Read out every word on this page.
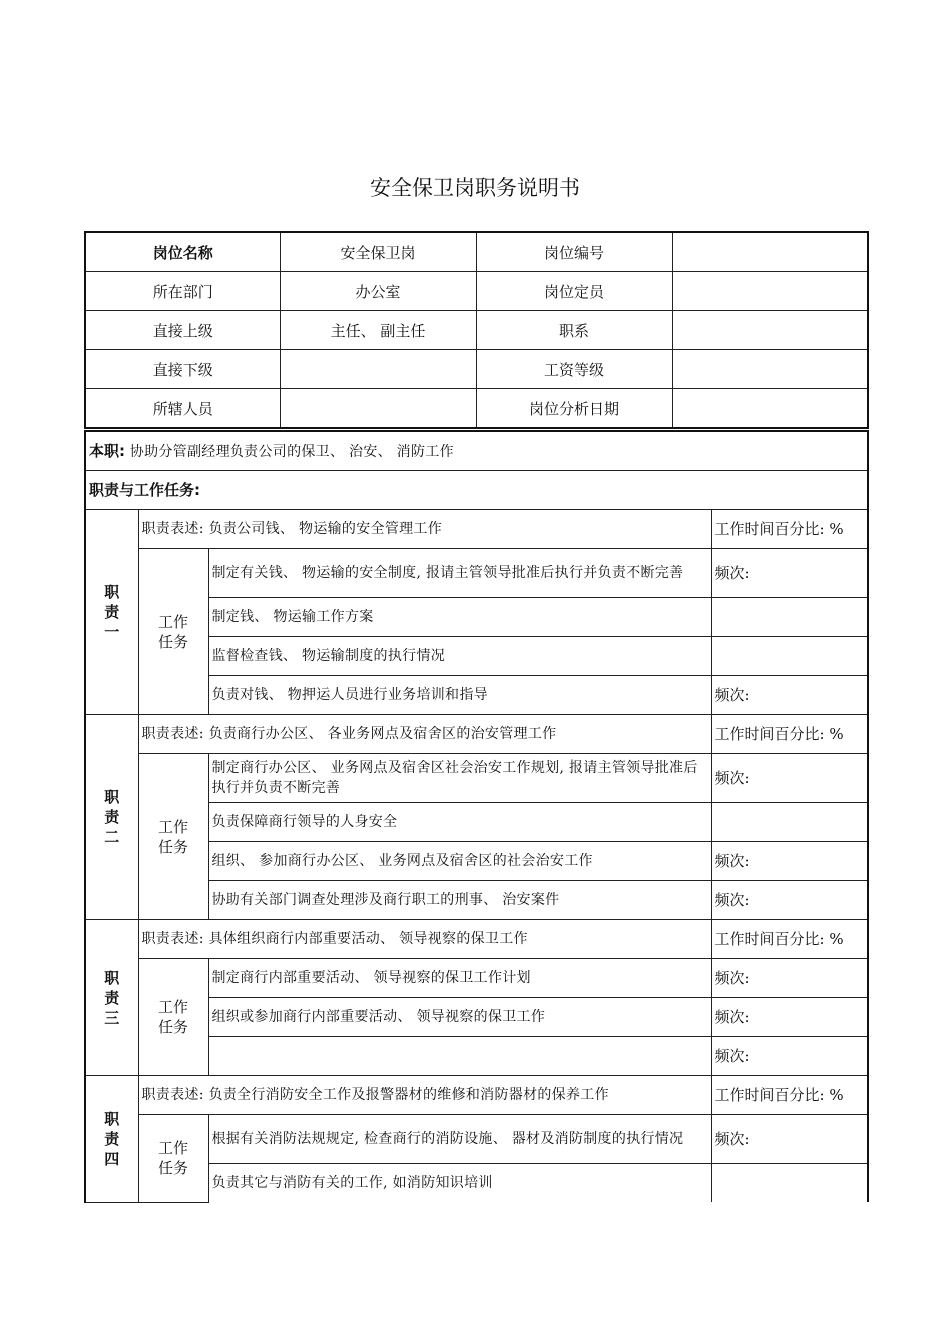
安全保卫岗职务说明书
岗位名称	安全保卫岗	岗位编号	
所在部门	办公室	岗位定员	
直接上级	主任、 副主任	职系	
直接下级		工资等级	
所辖人员		岗位分析日期	
本职: 协助分管副经理负责公司的保卫、 治安、 消防工作			
职责与工作任务:			

职
责
一	职责表述: 负责公司钱、 物运输的安全管理工作		工作时间百分比: %

	工作
任务	制定有关钱、 物运输的安全制度, 报请主管领导批准后执行并负责不断完善	频次:
		制定钱、 物运输工作方案	
		监督检查钱、 物运输制度的执行情况	
		负责对钱、 物押运人员进行业务培训和指导	频次:

职
责
二	职责表述: 负责商行办公区、 各业务网点及宿舍区的治安管理工作		工作时间百分比: %

	工作
任务	制定商行办公区、 业务网点及宿舍区社会治安工作规划, 报请主管领导批准后执行并负责不断完善	频次:
		负责保障商行领导的人身安全	
		组织、 参加商行办公区、 业务网点及宿舍区的社会治安工作	频次:
		协助有关部门调查处理涉及商行职工的刑事、 治安案件	频次:

职
责
三	职责表述: 具体组织商行内部重要活动、 领导视察的保卫工作		工作时间百分比: %

	工作
任务	制定商行内部重要活动、 领导视察的保卫工作计划	频次:
		组织或参加商行内部重要活动、 领导视察的保卫工作	频次:
			频次:

职
责
四	职责表述: 负责全行消防安全工作及报警器材的维修和消防器材的保养工作		工作时间百分比: %

	工作
任务	根据有关消防法规规定, 检查商行的消防设施、 器材及消防制度的执行情况	频次:
		负责其它与消防有关的工作, 如消防知识培训	
